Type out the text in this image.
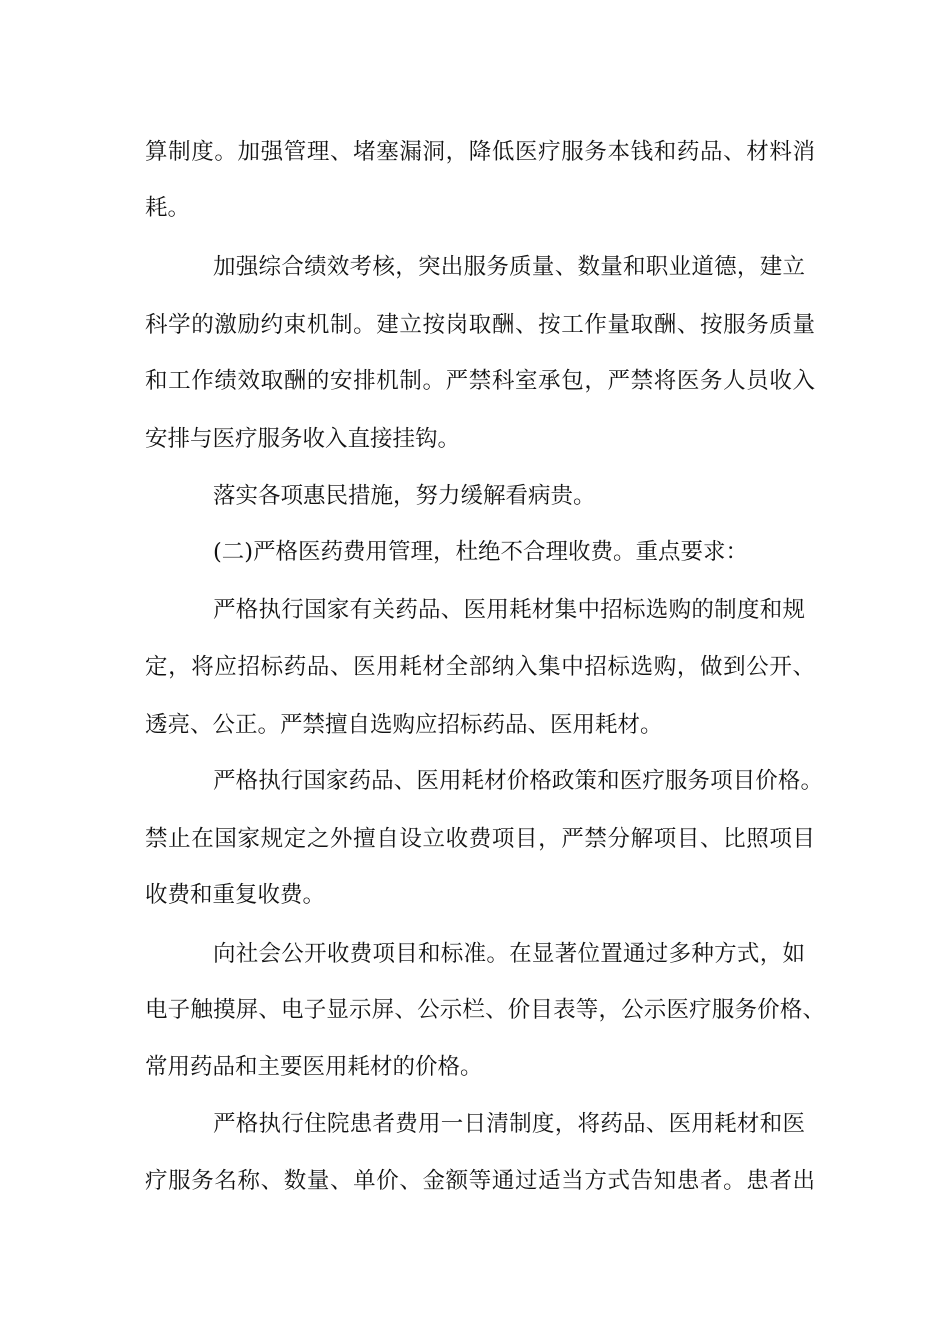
算制度。加强管理、堵塞漏洞，降低医疗服务本钱和药品、材料消
耗。
加强综合绩效考核，突出服务质量、数量和职业道德，建立
科学的激励约束机制。建立按岗取酬、按工作量取酬、按服务质量
和工作绩效取酬的安排机制。严禁科室承包，严禁将医务人员收入
安排与医疗服务收入直接挂钩。
落实各项惠民措施，努力缓解看病贵。
(二)严格医药费用管理，杜绝不合理收费。重点要求：
严格执行国家有关药品、医用耗材集中招标选购的制度和规
定，将应招标药品、医用耗材全部纳入集中招标选购，做到公开、
透亮、公正。严禁擅自选购应招标药品、医用耗材。
严格执行国家药品、医用耗材价格政策和医疗服务项目价格。
禁止在国家规定之外擅自设立收费项目，严禁分解项目、比照项目
收费和重复收费。
向社会公开收费项目和标准。在显著位置通过多种方式，如
电子触摸屏、电子显示屏、公示栏、价目表等，公示医疗服务价格、
常用药品和主要医用耗材的价格。
严格执行住院患者费用一日清制度，将药品、医用耗材和医
疗服务名称、数量、单价、金额等通过适当方式告知患者。患者出
